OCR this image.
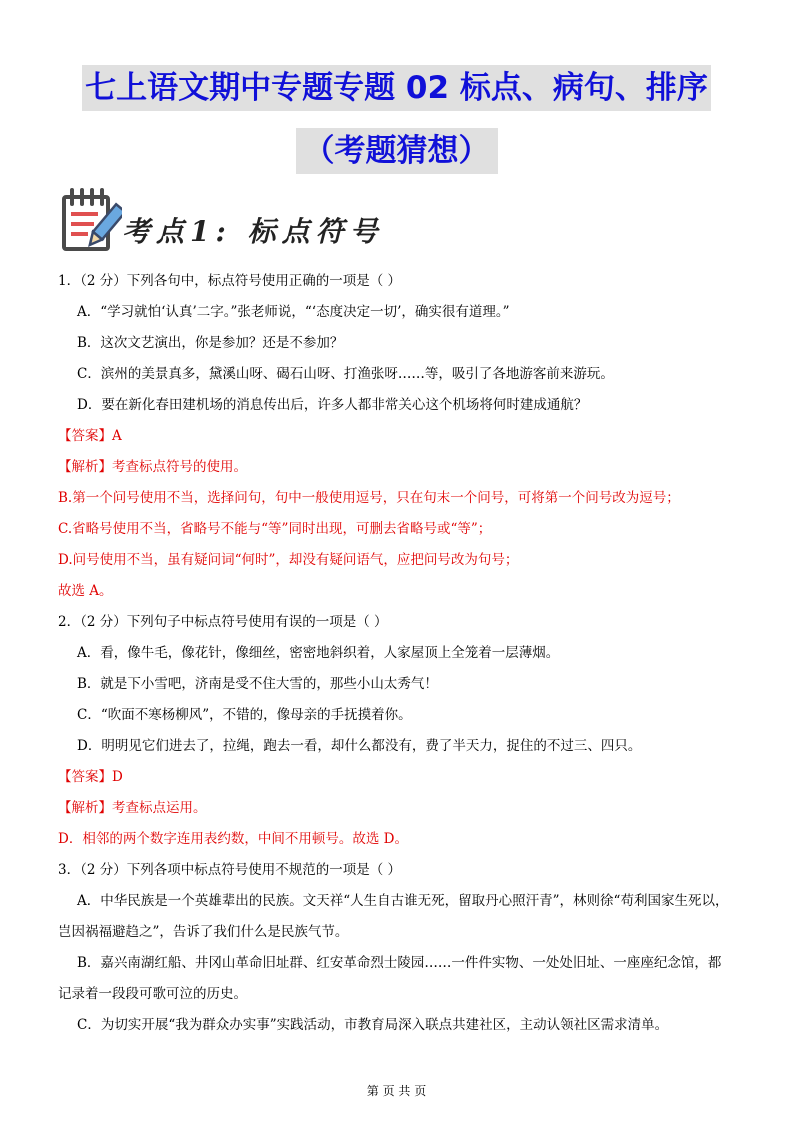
七上语文期中专题专题 02 标点、病句、排序
（考题猜想）
考点1: 标点符号
1．（2 分）下列各句中，标点符号使用正确的一项是（ ）
A．“学习就怕‘认真’二字。”张老师说，“‘态度决定一切’，确实很有道理。”
B．这次文艺演出，你是参加？还是不参加？
C．滨州的美景真多，黛溪山呀、碣石山呀、打渔张呀……等，吸引了各地游客前来游玩。
D．要在新化春田建机场的消息传出后，许多人都非常关心这个机场将何时建成通航？
【答案】A
【解析】考查标点符号的使用。
B.第一个问号使用不当，选择问句，句中一般使用逗号，只在句末一个问号，可将第一个问号改为逗号；
C.省略号使用不当，省略号不能与“等”同时出现，可删去省略号或“等”；
D.问号使用不当，虽有疑问词“何时”，却没有疑问语气，应把问号改为句号；
故选 A。
2．（2 分）下列句子中标点符号使用有误的一项是（ ）
A．看，像牛毛，像花针，像细丝，密密地斜织着，人家屋顶上全笼着一层薄烟。
B．就是下小雪吧，济南是受不住大雪的，那些小山太秀气！
C．“吹面不寒杨柳风”，不错的，像母亲的手抚摸着你。
D．明明见它们进去了，拉绳，跑去一看，却什么都没有，费了半天力，捉住的不过三、四只。
【答案】D
【解析】考查标点运用。
D．相邻的两个数字连用表约数，中间不用顿号。故选 D。
3．（2 分）下列各项中标点符号使用不规范的一项是（ ）
A．中华民族是一个英雄辈出的民族。文天祥“人生自古谁无死，留取丹心照汗青”，林则徐“苟利国家生死以，
岂因祸福避趋之”，告诉了我们什么是民族气节。
B．嘉兴南湖红船、井冈山革命旧址群、红安革命烈士陵园……一件件实物、一处处旧址、一座座纪念馆，都
记录着一段段可歌可泣的历史。
C．为切实开展“我为群众办实事”实践活动，市教育局深入联点共建社区，主动认领社区需求清单。
第 页 共 页
